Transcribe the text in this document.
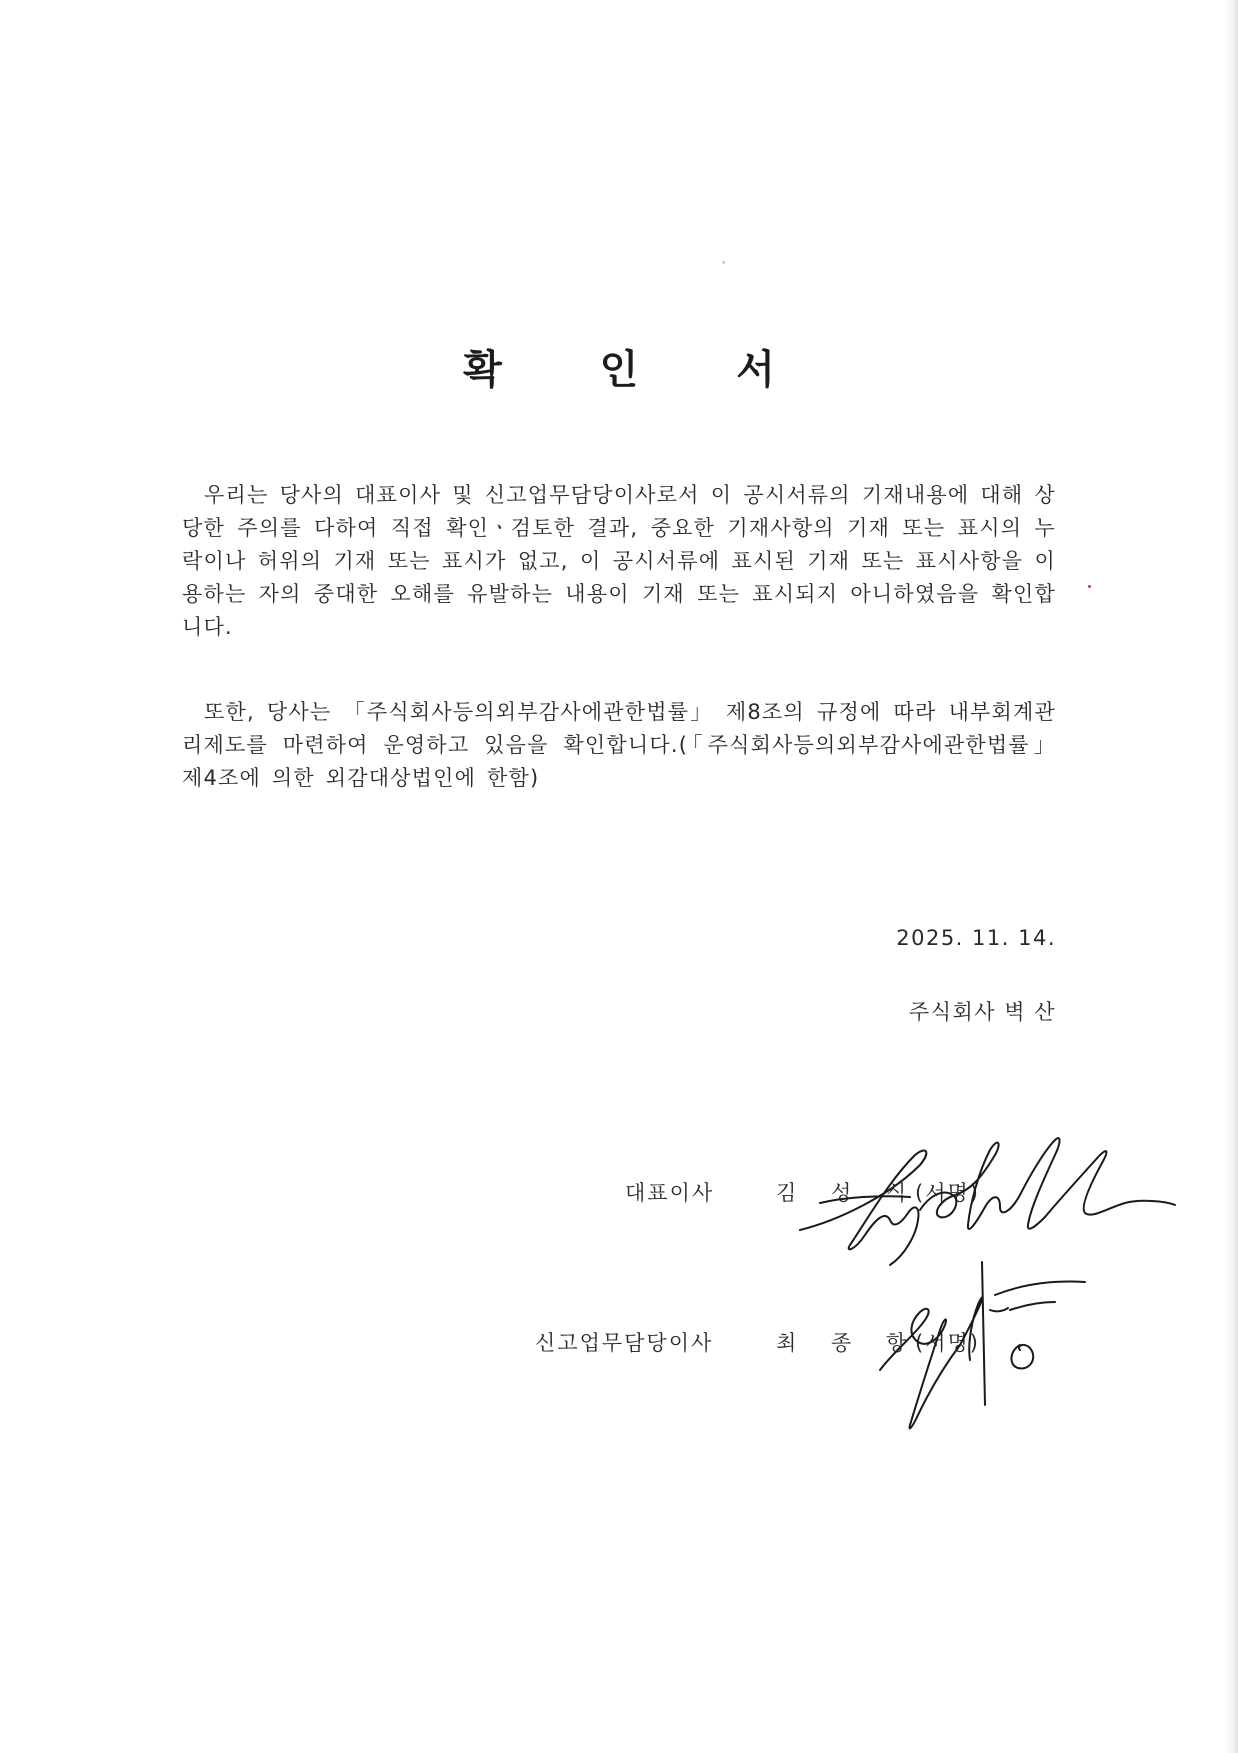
확 인 서

우리는 당사의 대표이사 및 신고업무담당이사로서 이 공시서류의 기재내용에 대해 상당한 주의를 다하여 직접 확인ㆍ검토한 결과, 중요한 기재사항의 기재 또는 표시의 누락이나 허위의 기재 또는 표시가 없고, 이 공시서류에 표시된 기재 또는 표시사항을 이용하는 자의 중대한 오해를 유발하는 내용이 기재 또는 표시되지 아니하였음을 확인합니다.

또한, 당사는 「주식회사등의외부감사에관한법률」 제8조의 규정에 따라 내부회계관리제도를 마련하여 운영하고 있음을 확인합니다.(「주식회사등의외부감사에관한법률」 제4조에 의한 외감대상법인에 한함)

2025. 11. 14.
주식회사 벽 산
대표이사	김 성 식
(서명)
신고업무담당이사	최 종 항
(서명)
